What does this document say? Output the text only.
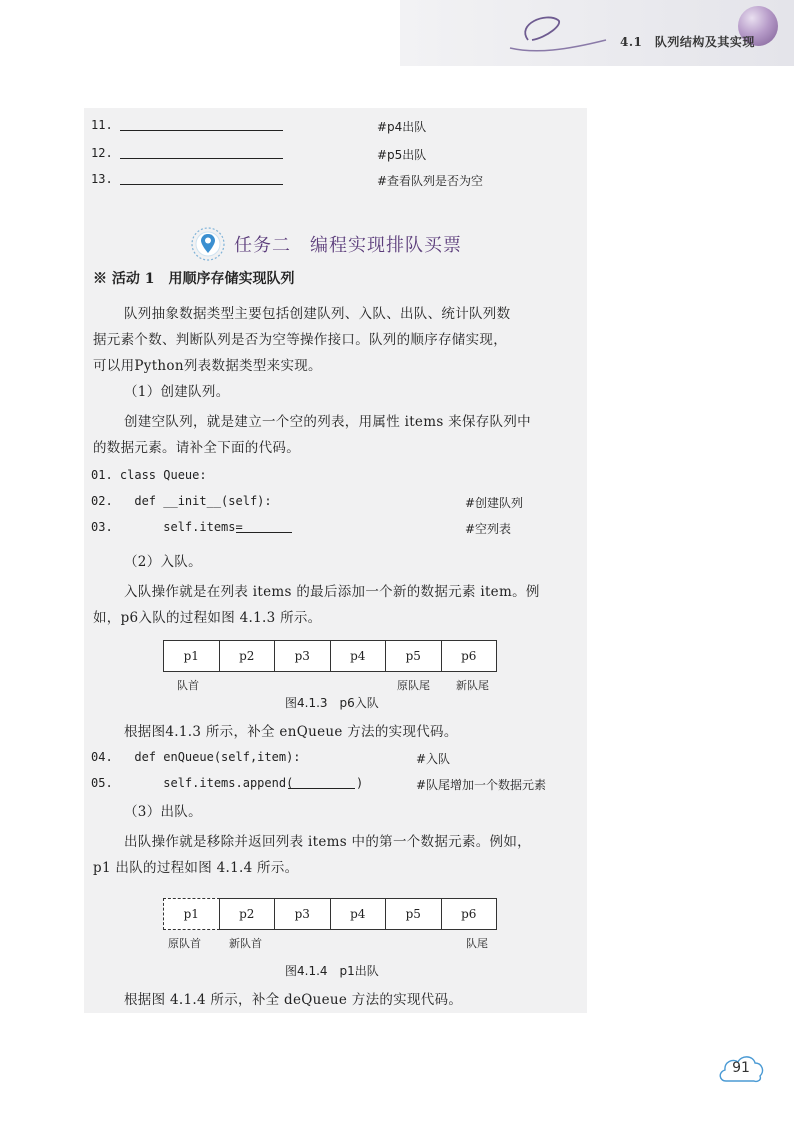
4.1　队列结构及其实现
11.	#p4出队
12.	#p5出队
13.	#查看队列是否为空
任务二　编程实现排队买票
※ 活动 1　用顺序存储实现队列
队列抽象数据类型主要包括创建队列、入队、出队、统计队列数
据元素个数、判断队列是否为空等操作接口。队列的顺序存储实现，
可以用Python列表数据类型来实现。
（1）创建队列。
创建空队列，就是建立一个空的列表，用属性 items 来保存队列中
的数据元素。请补全下面的代码。
01. class Queue:
02.   def __init__(self):	#创建队列
03.       self.items=	#空列表
（2）入队。
入队操作就是在列表 items 的最后添加一个新的数据元素 item。例
如，p6入队的过程如图 4.1.3 所示。
p1	p2	p3	p4	p5	p6
队首	原队尾 新队尾
图4.1.3　p6入队
根据图4.1.3 所示，补全 enQueue 方法的实现代码。
04.   def enQueue(self,item):	#入队
05.       self.items.append(	)	#队尾增加一个数据元素
（3）出队。
出队操作就是移除并返回列表 items 中的第一个数据元素。例如，
p1 出队的过程如图 4.1.4 所示。
p1	p2	p3	p4	p5	p6
原队首	新队首	队尾
图4.1.4　p1出队
根据图 4.1.4 所示，补全 deQueue 方法的实现代码。
91
